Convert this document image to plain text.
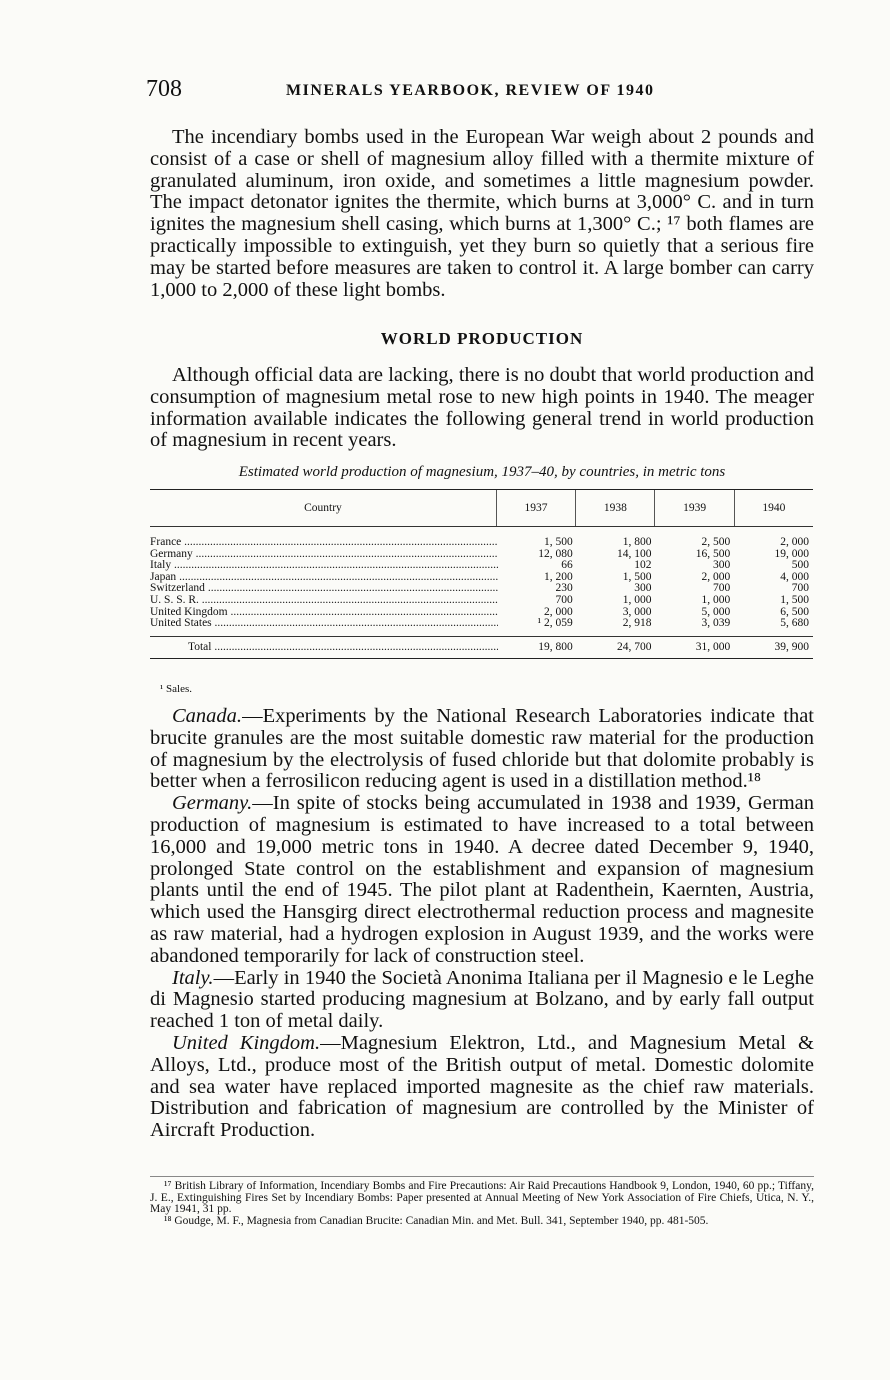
708	MINERALS YEARBOOK, REVIEW OF 1940
The incendiary bombs used in the European War weigh about 2 pounds and consist of a case or shell of magnesium alloy filled with a thermite mixture of granulated aluminum, iron oxide, and sometimes a little magnesium powder. The impact detonator ignites the thermite, which burns at 3,000° C. and in turn ignites the magnesium shell casing, which burns at 1,300° C.; ¹⁷ both flames are practically impossible to extinguish, yet they burn so quietly that a serious fire may be started before measures are taken to control it. A large bomber can carry 1,000 to 2,000 of these light bombs.
WORLD PRODUCTION
Although official data are lacking, there is no doubt that world production and consumption of magnesium metal rose to new high points in 1940. The meager information available indicates the following general trend in world production of magnesium in recent years.
Estimated world production of magnesium, 1937–40, by countries, in metric tons
Country	1937	1938	1939	1940
France .....	1, 500	1, 800	2, 500	2, 000
Germany .....	12, 080	14, 100	16, 500	19, 000
Italy .....	66	102	300	500
Japan .....	1, 200	1, 500	2, 000	4, 000
Switzerland .....	230	300	700	700
U. S. S. R. .....	700	1, 000	1, 000	1, 500
United Kingdom .....	2, 000	3, 000	5, 000	6, 500
United States .....	¹ 2, 059	2, 918	3, 039	5, 680
Total .....	19, 800	24, 700	31, 000	39, 900
¹ Sales.

Canada.—Experiments by the National Research Laboratories indicate that brucite granules are the most suitable domestic raw material for the production of magnesium by the electrolysis of fused chloride but that dolomite probably is better when a ferrosilicon reducing agent is used in a distillation method.¹⁸

Germany.—In spite of stocks being accumulated in 1938 and 1939, German production of magnesium is estimated to have increased to a total between 16,000 and 19,000 metric tons in 1940. A decree dated December 9, 1940, prolonged State control on the establishment and expansion of magnesium plants until the end of 1945. The pilot plant at Radenthein, Kaernten, Austria, which used the Hansgirg direct electrothermal reduction process and magnesite as raw material, had a hydrogen explosion in August 1939, and the works were abandoned temporarily for lack of construction steel.

Italy.—Early in 1940 the Società Anonima Italiana per il Magnesio e le Leghe di Magnesio started producing magnesium at Bolzano, and by early fall output reached 1 ton of metal daily.

United Kingdom.—Magnesium Elektron, Ltd., and Magnesium Metal & Alloys, Ltd., produce most of the British output of metal. Domestic dolomite and sea water have replaced imported magnesite as the chief raw materials. Distribution and fabrication of magnesium are controlled by the Minister of Aircraft Production.

¹⁷ British Library of Information, Incendiary Bombs and Fire Precautions: Air Raid Precautions Handbook 9, London, 1940, 60 pp.; Tiffany, J. E., Extinguishing Fires Set by Incendiary Bombs: Paper presented at Annual Meeting of New York Association of Fire Chiefs, Utica, N. Y., May 1941, 31 pp.

¹⁸ Goudge, M. F., Magnesia from Canadian Brucite: Canadian Min. and Met. Bull. 341, September 1940, pp. 481-505.
